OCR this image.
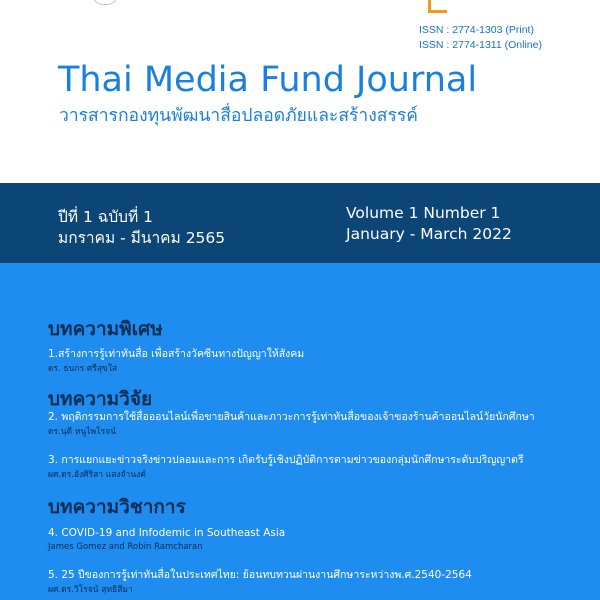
ISSN : 2774-1303 (Print)
ISSN : 2774-1311 (Online)
Thai Media Fund Journal
วารสารกองทุนพัฒนาสื่อปลอดภัยและสร้างสรรค์
ปีที่ 1 ฉบับที่ 1
มกราคม - มีนาคม 2565
Volume 1 Number 1
January - March 2022
บทความพิเศษ
1.สร้างการรู้เท่าทันสื่อ เพื่อสร้างวัคซีนทางปัญญาให้สังคม
ดร. ธนกร ศรีสุขใส
บทความวิจัย
2. พฤติกรรมการใช้สื่อออนไลน์เพื่อขายสินค้าและภาวะการรู้เท่าทันสื่อของเจ้าของร้านค้าออนไลน์วัยนักศึกษา
ดร.นุดี หนูไพโรจน์
3. การแยกแยะข่าวจริงข่าวปลอมและการ เกิดรับรู้เชิงปฏิบัติการตามข่าวของกลุ่มนักศึกษาระดับปริญญาตรี
ผศ.ดร.อังศิริสา แสงจำนงค์
บทความวิชาการ
4. COVID-19 and Infodemic in Southeast Asia
James Gomez and Robin Ramcharan
5. 25 ปีของการรู้เท่าทันสื่อในประเทศไทย: ย้อนทบทวนผ่านงานศึกษาระหว่างพ.ศ.2540-2564
ผศ.ดร.วิโรจน์ สุทธิสีมา
